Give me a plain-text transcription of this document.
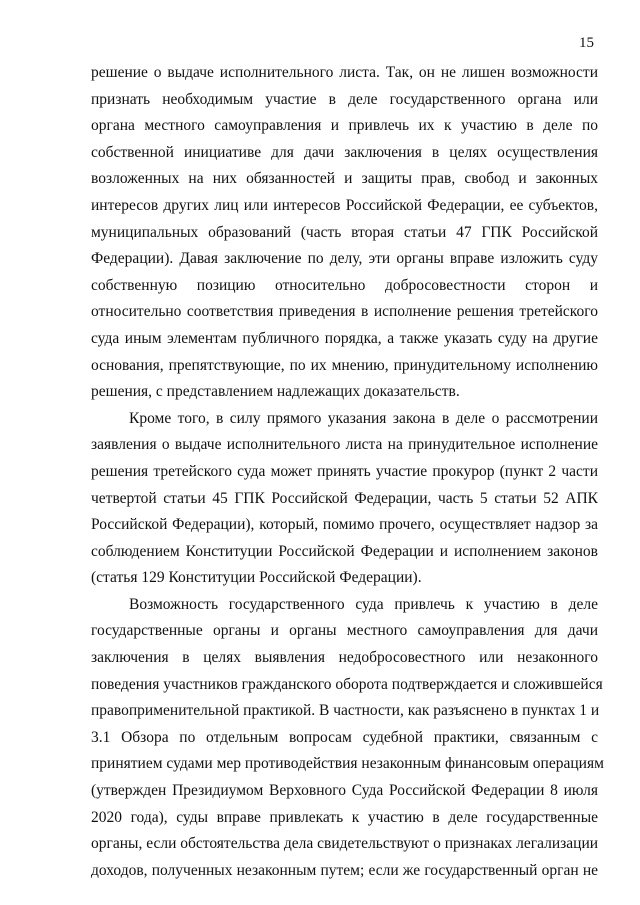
15
решение о выдаче исполнительного листа. Так, он не лишен возможности
признать необходимым участие в деле государственного органа или
органа местного самоуправления и привлечь их к участию в деле по
собственной инициативе для дачи заключения в целях осуществления
возложенных на них обязанностей и защиты прав, свобод и законных
интересов других лиц или интересов Российской Федерации, ее субъектов,
муниципальных образований (часть вторая статьи 47 ГПК Российской
Федерации). Давая заключение по делу, эти органы вправе изложить суду
собственную позицию относительно добросовестности сторон и
относительно соответствия приведения в исполнение решения третейского
суда иным элементам публичного порядка, а также указать суду на другие
основания, препятствующие, по их мнению, принудительному исполнению
решения, с представлением надлежащих доказательств.
Кроме того, в силу прямого указания закона в деле о рассмотрении
заявления о выдаче исполнительного листа на принудительное исполнение
решения третейского суда может принять участие прокурор (пункт 2 части
четвертой статьи 45 ГПК Российской Федерации, часть 5 статьи 52 АПК
Российской Федерации), который, помимо прочего, осуществляет надзор за
соблюдением Конституции Российской Федерации и исполнением законов
(статья 129 Конституции Российской Федерации).
Возможность государственного суда привлечь к участию в деле
государственные органы и органы местного самоуправления для дачи
заключения в целях выявления недобросовестного или незаконного
поведения участников гражданского оборота подтверждается и сложившейся
правоприменительной практикой. В частности, как разъяснено в пунктах 1 и
3.1 Обзора по отдельным вопросам судебной практики, связанным с
принятием судами мер противодействия незаконным финансовым операциям
(утвержден Президиумом Верховного Суда Российской Федерации 8 июля
2020 года), суды вправе привлекать к участию в деле государственные
органы, если обстоятельства дела свидетельствуют о признаках легализации
доходов, полученных незаконным путем; если же государственный орган не
